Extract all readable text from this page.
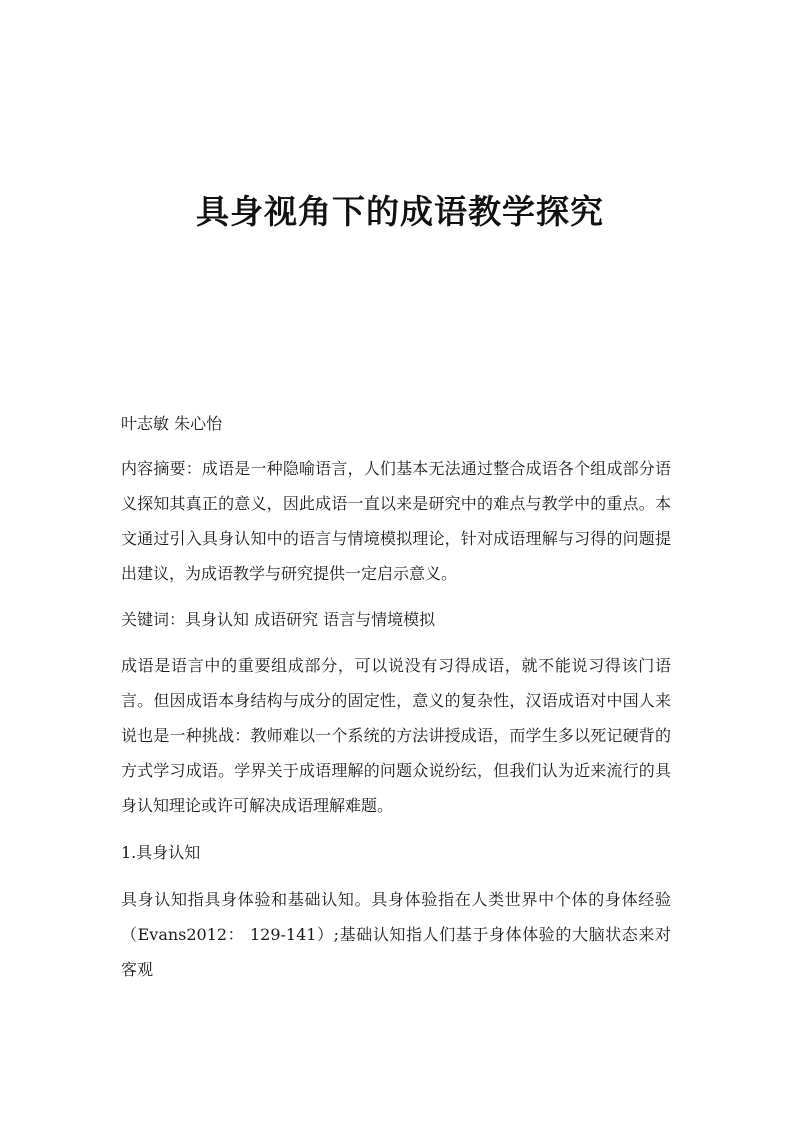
具身视角下的成语教学探究

叶志敏 朱心怡

内容摘要：成语是一种隐喻语言，人们基本无法通过整合成语各个组成部分语义探知其真正的意义，因此成语一直以来是研究中的难点与教学中的重点。本文通过引入具身认知中的语言与情境模拟理论，针对成语理解与习得的问题提出建议，为成语教学与研究提供一定启示意义。

关键词：具身认知 成语研究 语言与情境模拟

成语是语言中的重要组成部分，可以说没有习得成语，就不能说习得该门语言。但因成语本身结构与成分的固定性，意义的复杂性，汉语成语对中国人来说也是一种挑战：教师难以一个系统的方法讲授成语，而学生多以死记硬背的方式学习成语。学界关于成语理解的问题众说纷纭，但我们认为近来流行的具身认知理论或许可解决成语理解难题。

1.具身认知

具身认知指具身体验和基础认知。具身体验指在人类世界中个体的身体经验（Evans2012： 129-141）;基础认知指人们基于身体体验的大脑状态来对客观
